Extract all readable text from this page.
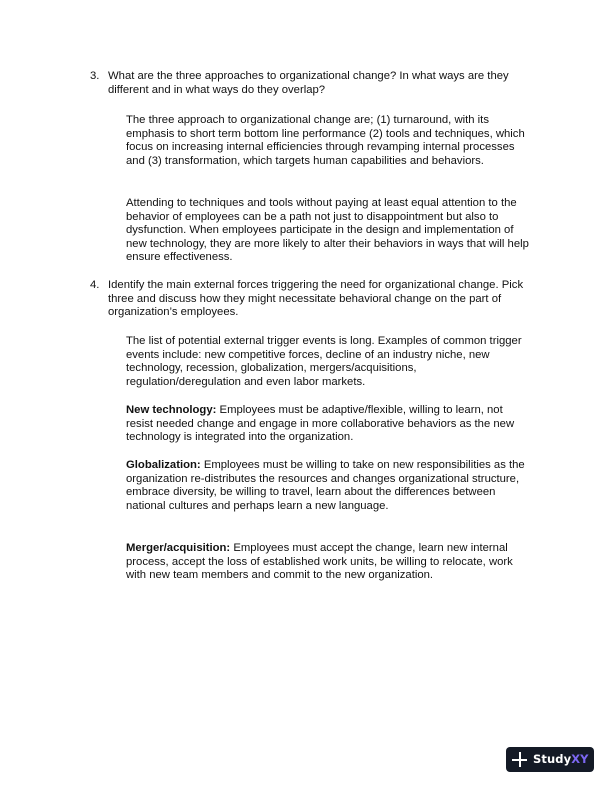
3. What are the three approaches to organizational change? In what ways are they different and in what ways do they overlap?
The three approach to organizational change are; (1) turnaround, with its emphasis to short term bottom line performance (2) tools and techniques, which focus on increasing internal efficiencies through revamping internal processes and (3) transformation, which targets human capabilities and behaviors.
Attending to techniques and tools without paying at least equal attention to the behavior of employees can be a path not just to disappointment but also to dysfunction. When employees participate in the design and implementation of new technology, they are more likely to alter their behaviors in ways that will help ensure effectiveness.
4. Identify the main external forces triggering the need for organizational change. Pick three and discuss how they might necessitate behavioral change on the part of organization’s employees.
The list of potential external trigger events is long. Examples of common trigger events include: new competitive forces, decline of an industry niche, new technology, recession, globalization, mergers/acquisitions, regulation/deregulation and even labor markets.
New technology: Employees must be adaptive/flexible, willing to learn, not resist needed change and engage in more collaborative behaviors as the new technology is integrated into the organization.
Globalization: Employees must be willing to take on new responsibilities as the organization re-distributes the resources and changes organizational structure, embrace diversity, be willing to travel, learn about the differences between national cultures and perhaps learn a new language.
Merger/acquisition: Employees must accept the change, learn new internal process, accept the loss of established work units, be willing to relocate, work with new team members and commit to the new organization.
StudyXY
